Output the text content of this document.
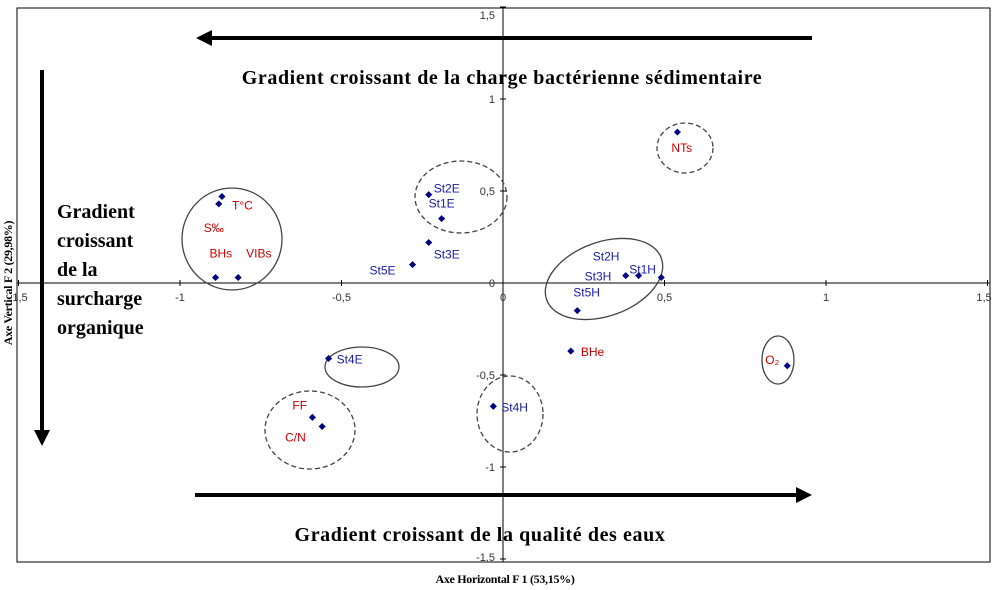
1,5	-1	-0,5	0	0,5	1	1,5
1,5
1
0,5
0
-0,5
-1
-1,5
Axe Horizontal F 1 (53,15%)
Axe Vertical F 2 (29,98%)
Gradient croissant de la charge bactérienne sédimentaire
Gradient croissant de la qualité des eaux
Gradient
croissant
de la
surcharge
organique
T°C
S‰
BHs VIBs
St2E
St1E
St3E
St5E
NTs
St2H
St3H
St1H
St5H
BHe
O₂
St4E
St4H
FF
C/N
